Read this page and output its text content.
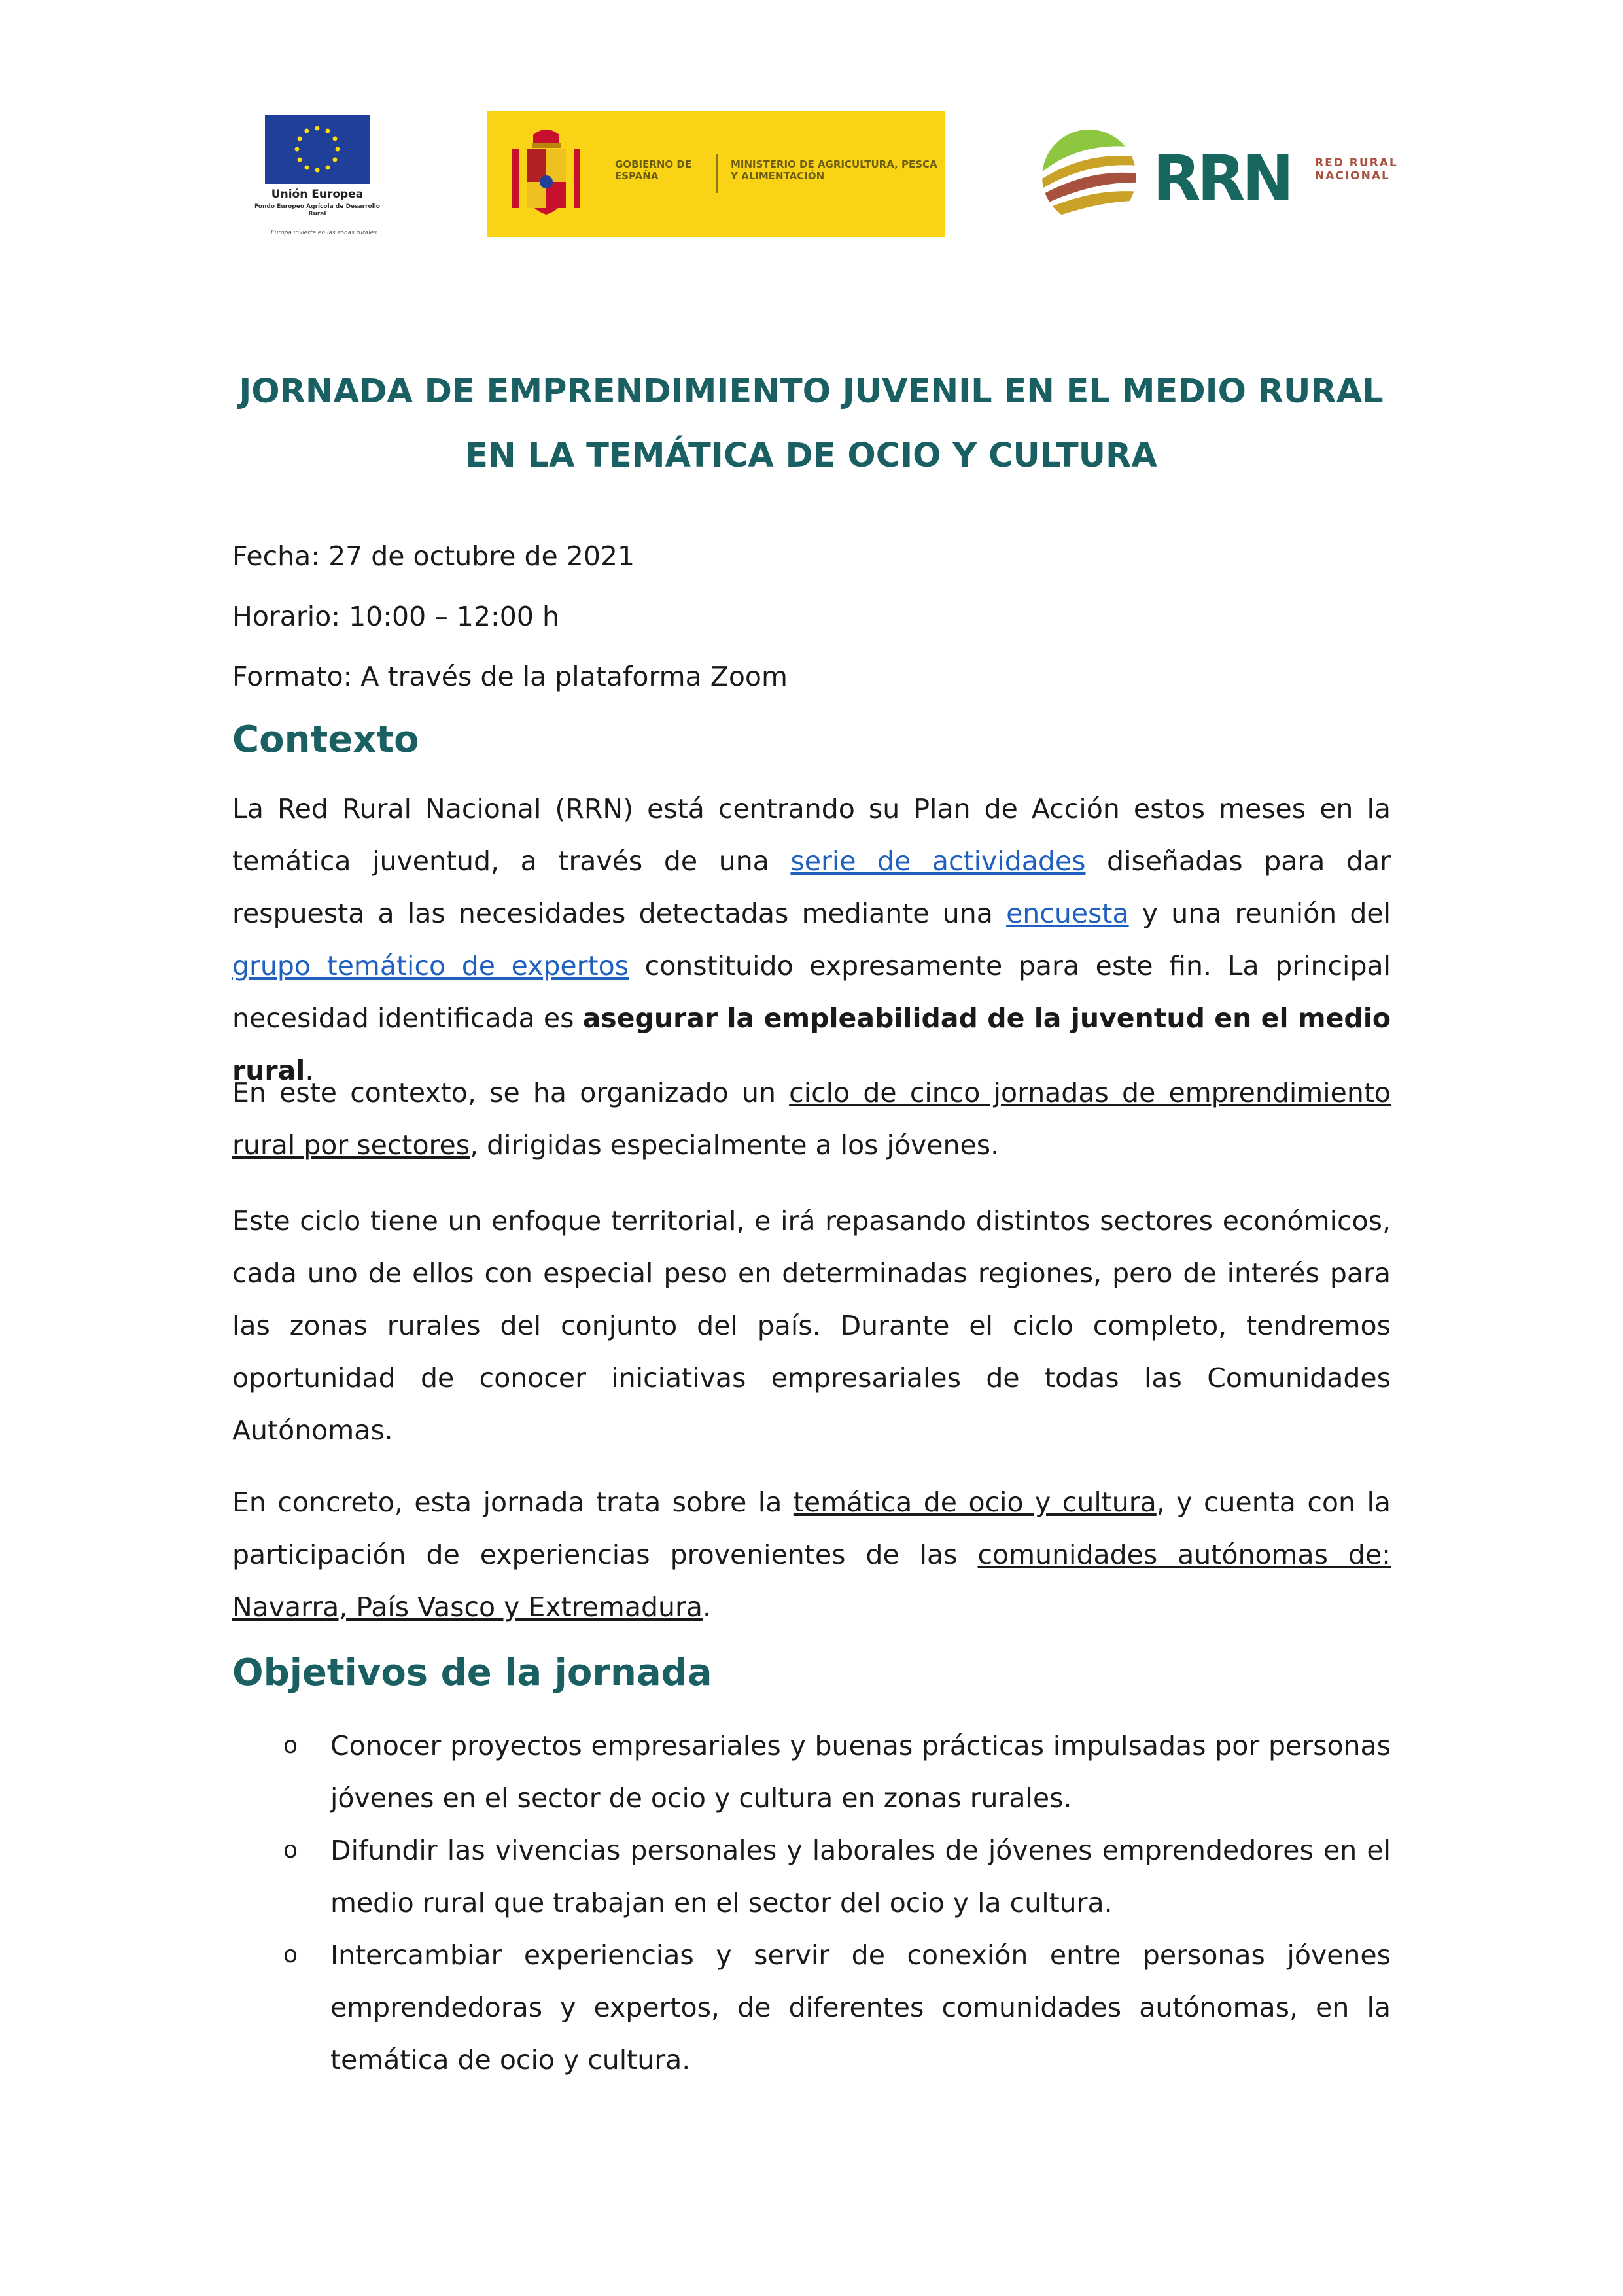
Unión Europea
Fondo Europeo Agrícola de Desarrollo Rural
Europa invierte en las zonas rurales
GOBIERNO DE ESPAÑA
MINISTERIO DE AGRICULTURA, PESCA Y ALIMENTACIÓN	RRN RED RURAL NACIONAL
JORNADA DE EMPRENDIMIENTO JUVENIL EN EL MEDIO RURAL EN LA TEMÁTICA DE OCIO Y CULTURA
Fecha: 27 de octubre de 2021
Horario: 10:00 – 12:00 h
Formato: A través de la plataforma Zoom
Contexto

La Red Rural Nacional (RRN) está centrando su Plan de Acción estos meses en la temática juventud, a través de una serie de actividades diseñadas para dar respuesta a las necesidades detectadas mediante una encuesta y una reunión del grupo temático de expertos constituido expresamente para este fin. La principal necesidad identificada es asegurar la empleabilidad de la juventud en el medio rural.

En este contexto, se ha organizado un ciclo de cinco jornadas de emprendimiento rural por sectores, dirigidas especialmente a los jóvenes.

Este ciclo tiene un enfoque territorial, e irá repasando distintos sectores económicos, cada uno de ellos con especial peso en determinadas regiones, pero de interés para las zonas rurales del conjunto del país. Durante el ciclo completo, tendremos oportunidad de conocer iniciativas empresariales de todas las Comunidades Autónomas.

En concreto, esta jornada trata sobre la temática de ocio y cultura, y cuenta con la participación de experiencias provenientes de las comunidades autónomas de: Navarra, País Vasco y Extremadura.

Objetivos de la jornada
o Conocer proyectos empresariales y buenas prácticas impulsadas por personas jóvenes en el sector de ocio y cultura en zonas rurales.
o Difundir las vivencias personales y laborales de jóvenes emprendedores en el medio rural que trabajan en el sector del ocio y la cultura.
o Intercambiar experiencias y servir de conexión entre personas jóvenes emprendedoras y expertos, de diferentes comunidades autónomas, en la temática de ocio y cultura.
